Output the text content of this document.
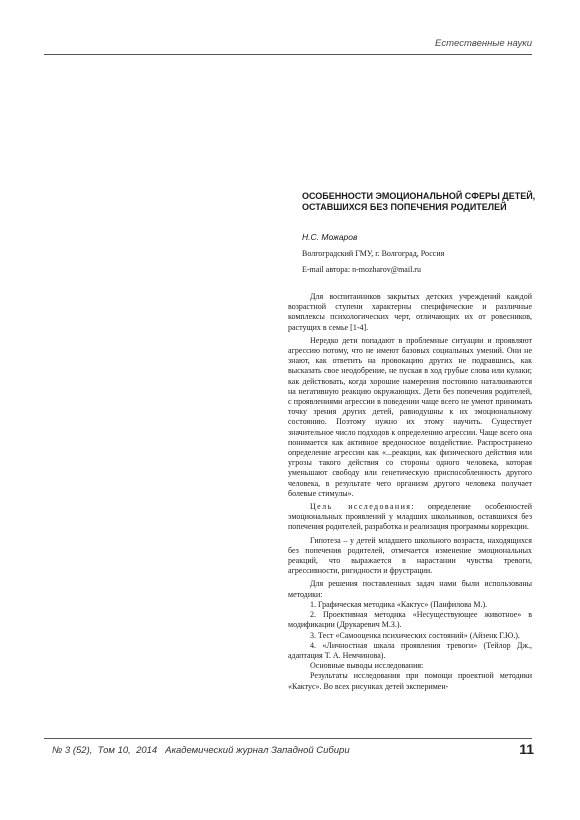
Естественные науки
ОСОБЕННОСТИ ЭМОЦИОНАЛЬНОЙ СФЕРЫ ДЕТЕЙ, ОСТАВШИХСЯ БЕЗ ПОПЕЧЕНИЯ РОДИТЕЛЕЙ
Н.С. Можаров
Волгоградский ГМУ, г. Волгоград, Россия
E-mail автора: n-mozharov@mail.ru

Для воспитанников закрытых детских учреждений каждой возрастной ступени характерны специфические и различные комплексы психологических черт, отличающих их от ровесников, растущих в семье [1-4].

Нередко дети попадают в проблемные ситуации и проявляют агрессию потому, что не имеют базовых социальных умений. Они не знают, как ответить на провокацию других не подравшись, как высказать свое неодобрение, не пуская в ход грубые слова или кулаки; как действовать, когда хорошие намерения постоянно наталкиваются на негативную реакцию окружающих. Дети без попечения родителей, с проявлениями агрессии в поведении чаще всего не умеют принимать точку зрения других детей, равнодушны к их эмоциональному состоянию. Поэтому нужно их этому научить. Существует значительное число подходов к определению агрессии. Чаще всего она понимается как активное вредоносное воздействие. Распространено определение агрессии как «...реакции, как физического действия или угрозы такого действия со стороны одного человека, которая уменьшают свободу или генетическую приспособленность другого человека, в результате чего организм другого человека получает болевые стимулы».

Цель исследования: определение особенностей эмоциональных проявлений у младших школьников, оставшихся без попечения родителей, разработка и реализация программы коррекции.

Гипотеза – у детей младшего школьного возраста, находящихся без попечения родителей, отмечается изменение эмоциональных реакций, что выражается в нарастании чувства тревоги, агрессивности, ригидности и фрустрации.

Для решения поставленных задач нами были использованы методики:

1. Графическая методика «Кактус» (Панфилова М.).

2. Проективная методика «Несуществующее животное» в модификации (Друкаревич М.З.).

3. Тест «Самооценка психических состояний» (Айзенк Г.Ю.).

4. «Личностная шкала проявления тревоги» (Тейлор Дж., адаптация Т. А. Немчинова).

Основные выводы исследования:

Результаты исследования при помощи проектной методики «Кактус». Во всех рисунках детей эксперимен-

№ 3 (52),  Том 10,  2014   Академический журнал Западной Сибири	11
